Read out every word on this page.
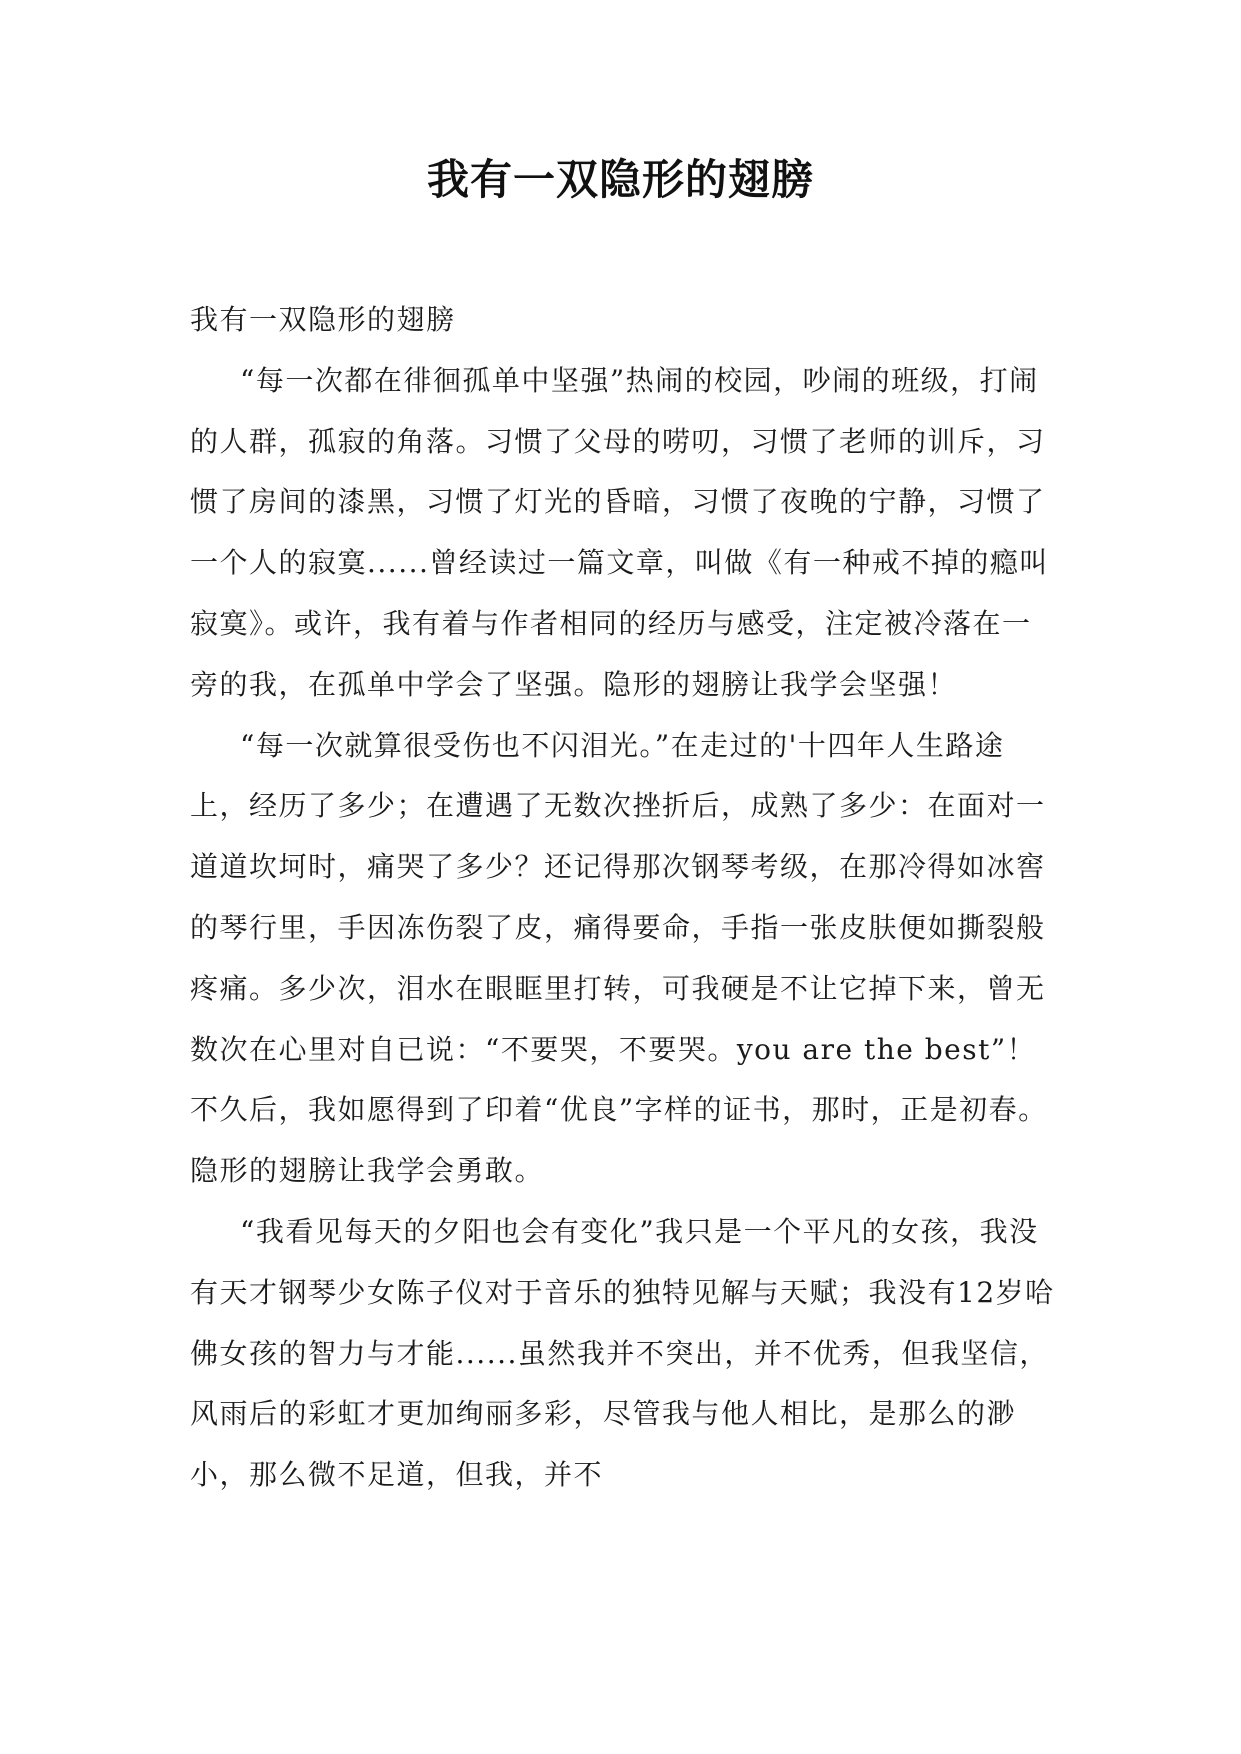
我有一双隐形的翅膀

我有一双隐形的翅膀

“每一次都在徘徊孤单中坚强”热闹的校园，吵闹的班级，打闹的人群，孤寂的角落。习惯了父母的唠叨，习惯了老师的训斥，习惯了房间的漆黑，习惯了灯光的昏暗，习惯了夜晚的宁静，习惯了一个人的寂寞......曾经读过一篇文章，叫做《有一种戒不掉的瘾叫寂寞》。或许，我有着与作者相同的经历与感受，注定被冷落在一旁的我，在孤单中学会了坚强。隐形的翅膀让我学会坚强！

“每一次就算很受伤也不闪泪光。”在走过的'十四年人生路途上，经历了多少；在遭遇了无数次挫折后，成熟了多少：在面对一道道坎坷时，痛哭了多少？还记得那次钢琴考级，在那冷得如冰窖的琴行里，手因冻伤裂了皮，痛得要命，手指一张皮肤便如撕裂般疼痛。多少次，泪水在眼眶里打转，可我硬是不让它掉下来，曾无数次在心里对自已说：“不要哭，不要哭。you are the best”！不久后，我如愿得到了印着“优良”字样的证书，那时，正是初春。隐形的翅膀让我学会勇敢。

“我看见每天的夕阳也会有变化”我只是一个平凡的女孩，我没有天才钢琴少女陈子仪对于音乐的独特见解与天赋；我没有12岁哈佛女孩的智力与才能......虽然我并不突出，并不优秀，但我坚信，风雨后的彩虹才更加绚丽多彩，尽管我与他人相比，是那么的渺小，那么微不足道，但我，并不
